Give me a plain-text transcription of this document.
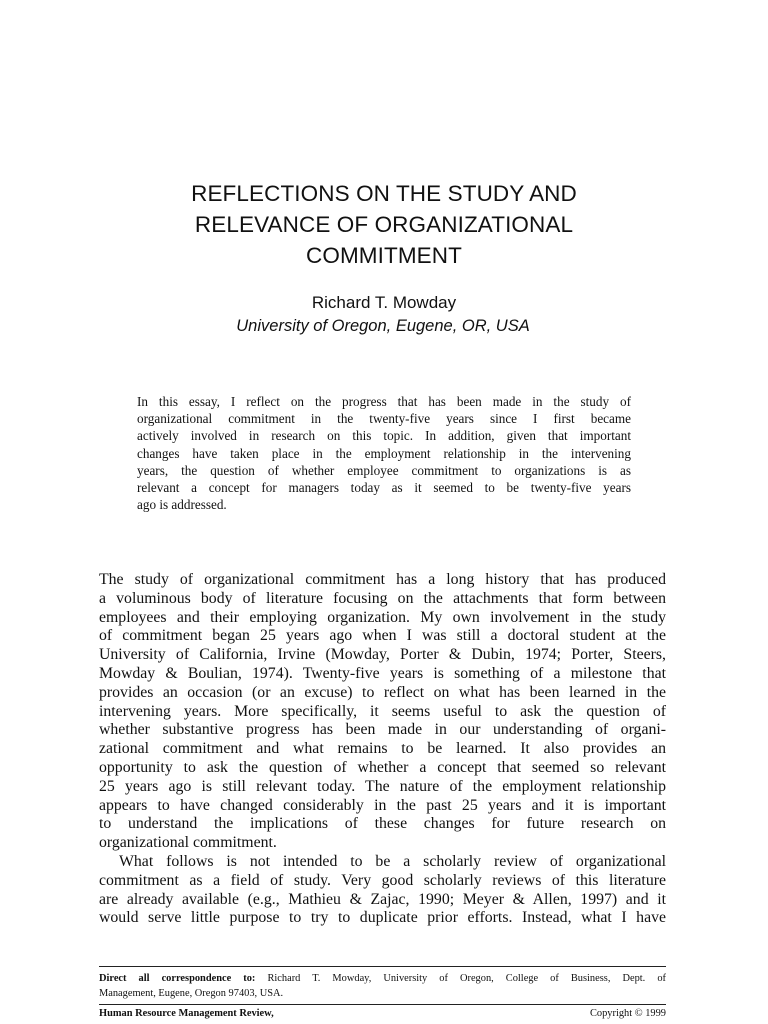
REFLECTIONS ON THE STUDY AND
RELEVANCE OF ORGANIZATIONAL
COMMITMENT
Richard T. Mowday
University of Oregon, Eugene, OR, USA
In this essay, I reflect on the progress that has been made in the study of
organizational commitment in the twenty-five years since I first became
actively involved in research on this topic. In addition, given that important
changes have taken place in the employment relationship in the intervening
years, the question of whether employee commitment to organizations is as
relevant a concept for managers today as it seemed to be twenty-five years
ago is addressed.
The study of organizational commitment has a long history that has produced
a voluminous body of literature focusing on the attachments that form between
employees and their employing organization. My own involvement in the study
of commitment began 25 years ago when I was still a doctoral student at the
University of California, Irvine (Mowday, Porter & Dubin, 1974; Porter, Steers,
Mowday & Boulian, 1974). Twenty-five years is something of a milestone that
provides an occasion (or an excuse) to reflect on what has been learned in the
intervening years. More specifically, it seems useful to ask the question of
whether substantive progress has been made in our understanding of organi-
zational commitment and what remains to be learned. It also provides an
opportunity to ask the question of whether a concept that seemed so relevant
25 years ago is still relevant today. The nature of the employment relationship
appears to have changed considerably in the past 25 years and it is important
to understand the implications of these changes for future research on
organizational commitment.
What follows is not intended to be a scholarly review of organizational
commitment as a field of study. Very good scholarly reviews of this literature
are already available (e.g., Mathieu & Zajac, 1990; Meyer & Allen, 1997) and it
would serve little purpose to try to duplicate prior efforts. Instead, what I have
Direct all correspondence to: Richard T. Mowday, University of Oregon, College of Business, Dept. of
Management, Eugene, Oregon 97403, USA.
Human Resource Management Review,	Copyright © 1999
